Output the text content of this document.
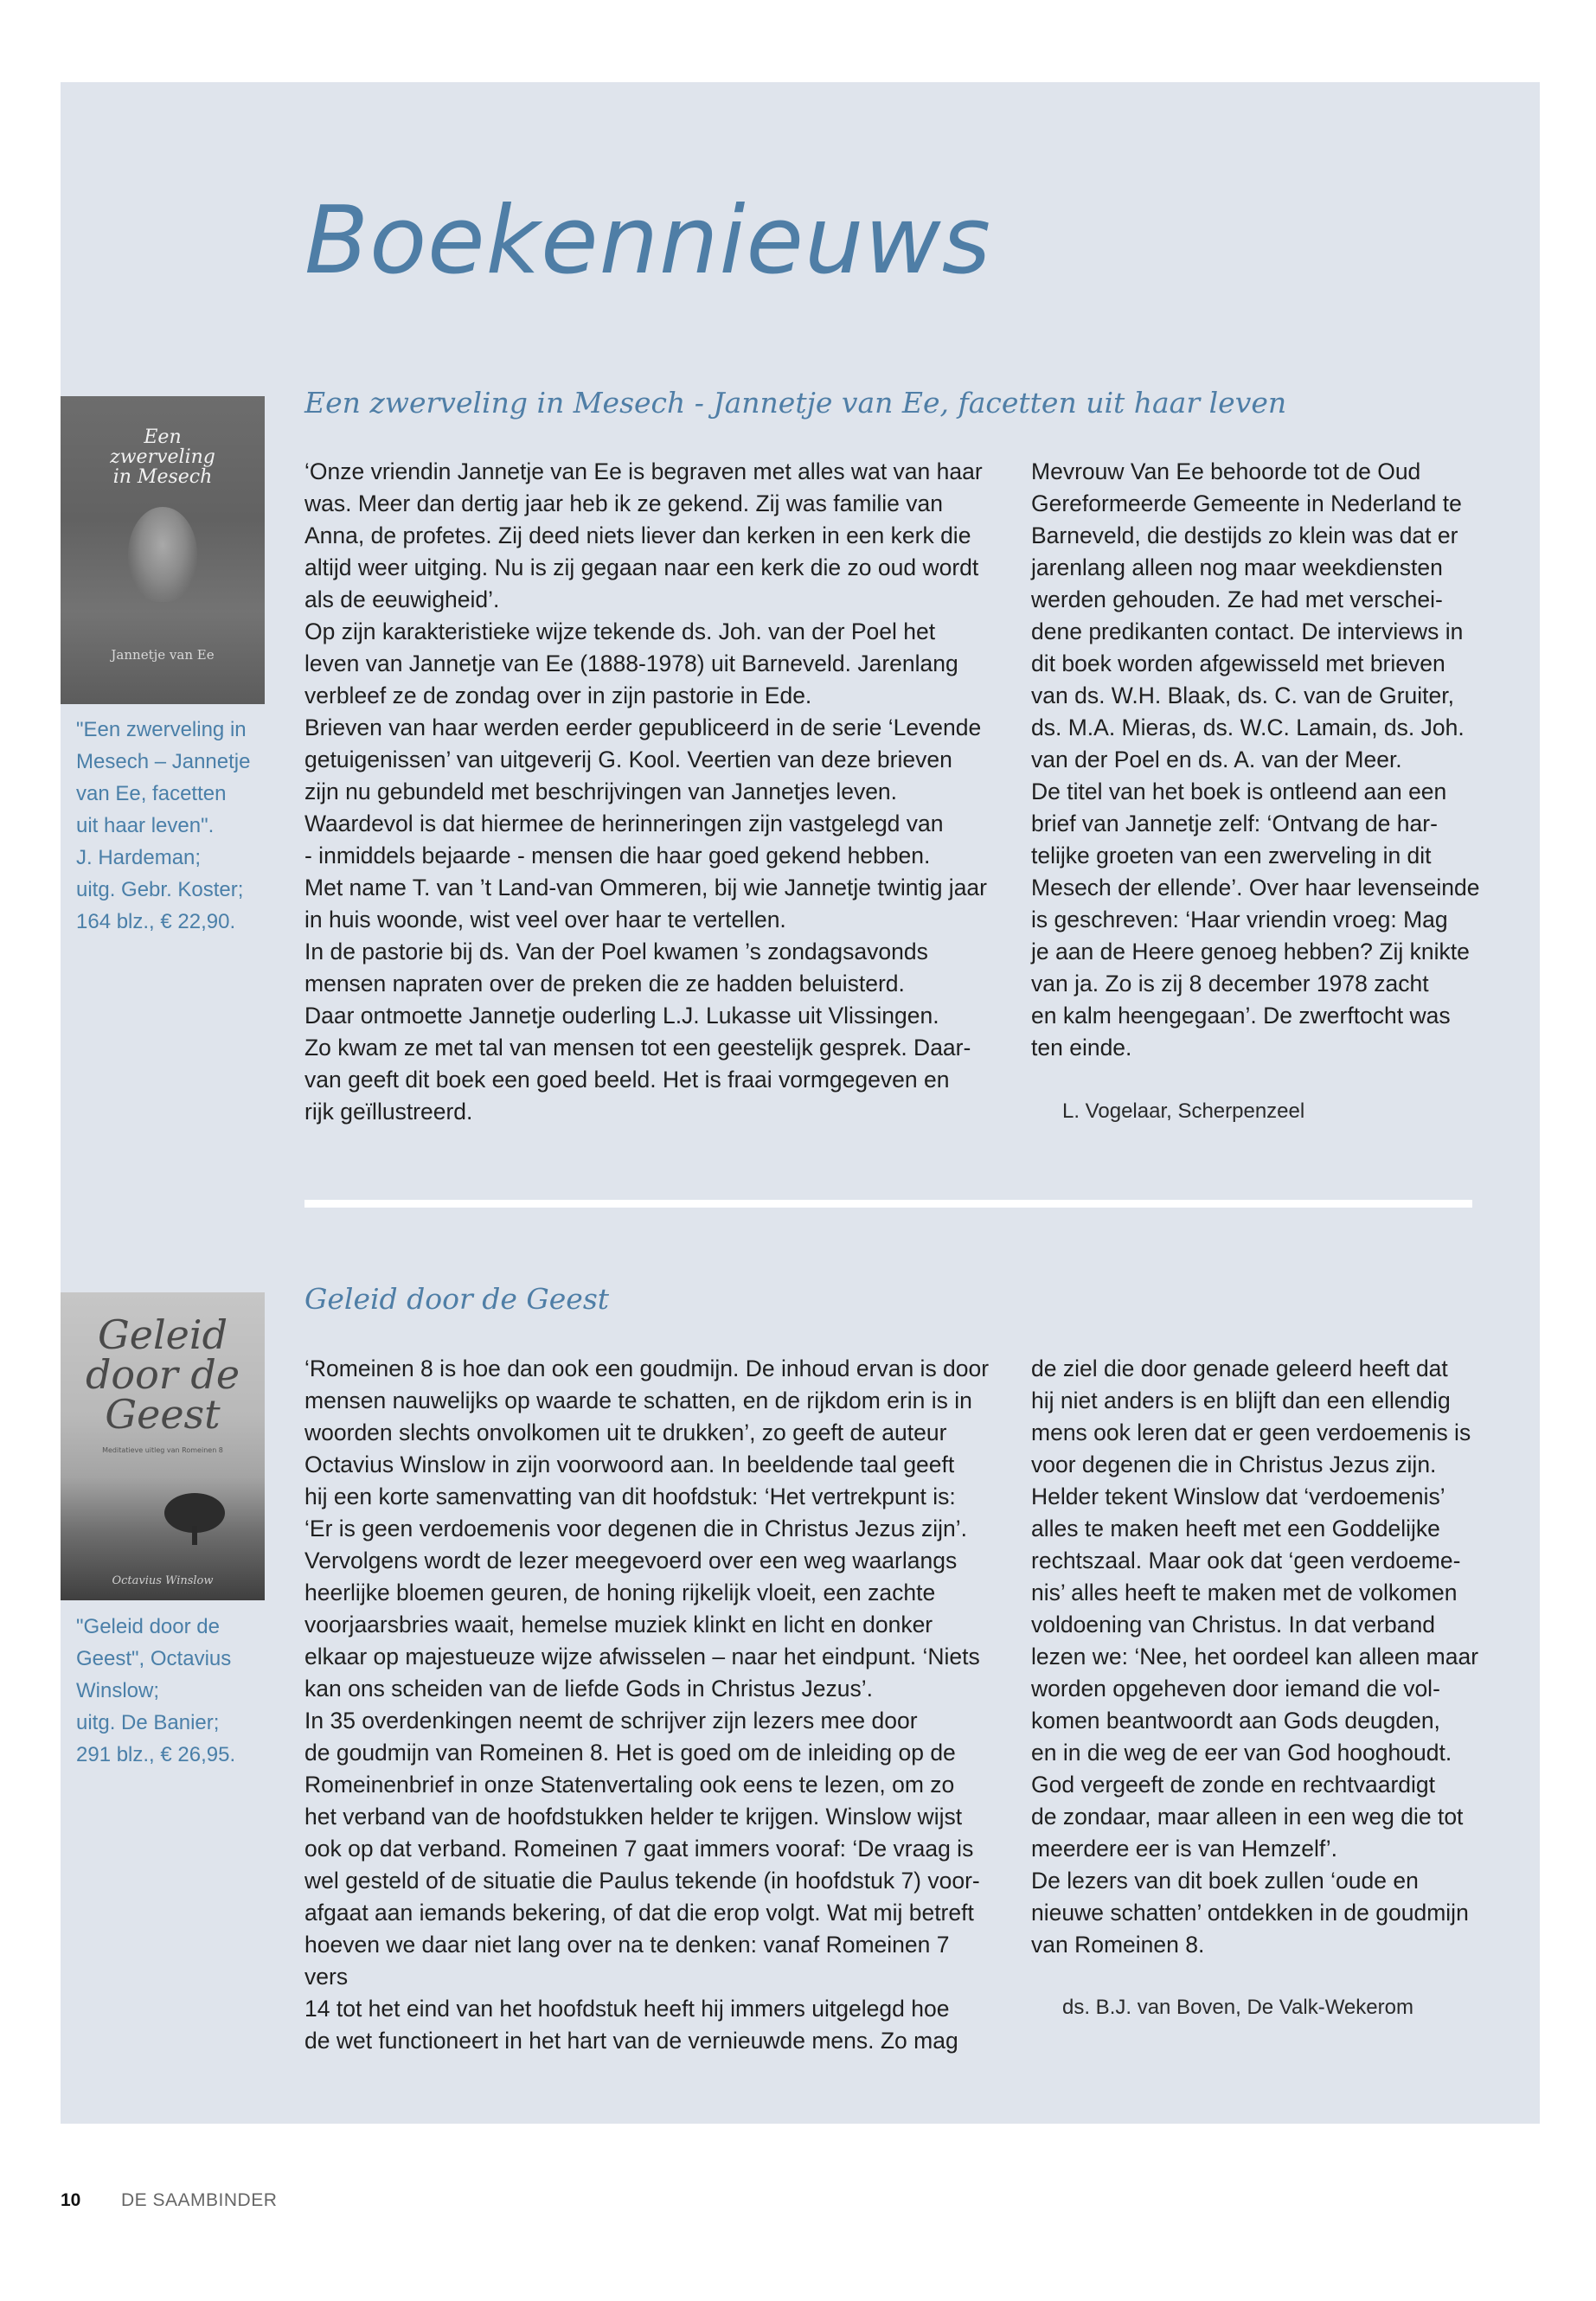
Boekennieuws
Een
zwerveling
in Mesech
Jannetje van Ee

"Een zwerveling in

Mesech – Jannetje

van Ee, facetten

uit haar leven".

J. Hardeman;

uitg. Gebr. Koster;

164 blz., € 22,90.

Een zwerveling in Mesech - Jannetje van Ee, facetten uit haar leven

‘Onze vriendin Jannetje van Ee is begraven met alles wat van haar

was. Meer dan dertig jaar heb ik ze gekend. Zij was familie van

Anna, de profetes. Zij deed niets liever dan kerken in een kerk die

altijd weer uitging. Nu is zij gegaan naar een kerk die zo oud wordt

als de eeuwigheid’.

Op zijn karakteristieke wijze tekende ds. Joh. van der Poel het

leven van Jannetje van Ee (1888-1978) uit Barneveld. Jarenlang

verbleef ze de zondag over in zijn pastorie in Ede.

Brieven van haar werden eerder gepubliceerd in de serie ‘Levende

getuigenissen’ van uitgeverij G. Kool. Veertien van deze brieven

zijn nu gebundeld met beschrijvingen van Jannetjes leven.

Waardevol is dat hiermee de herinneringen zijn vastgelegd van

- inmiddels bejaarde - mensen die haar goed gekend hebben.

Met name T. van ’t Land-van Ommeren, bij wie Jannetje twintig jaar

in huis woonde, wist veel over haar te vertellen.

In de pastorie bij ds. Van der Poel kwamen ’s zondagsavonds

mensen napraten over de preken die ze hadden beluisterd.

Daar ontmoette Jannetje ouderling L.J. Lukasse uit Vlissingen.

Zo kwam ze met tal van mensen tot een geestelijk gesprek. Daar-

van geeft dit boek een goed beeld. Het is fraai vormgegeven en

rijk geïllustreerd.

Mevrouw Van Ee behoorde tot de Oud

Gereformeerde Gemeente in Nederland te

Barneveld, die destijds zo klein was dat er

jarenlang alleen nog maar weekdiensten

werden gehouden. Ze had met verschei-

dene predikanten contact. De interviews in

dit boek worden afgewisseld met brieven

van ds. W.H. Blaak, ds. C. van de Gruiter,

ds. M.A. Mieras, ds. W.C. Lamain, ds. Joh.

van der Poel en ds. A. van der Meer.

De titel van het boek is ontleend aan een

brief van Jannetje zelf: ‘Ontvang de har-

telijke groeten van een zwerveling in dit

Mesech der ellende’. Over haar levenseinde

is geschreven: ‘Haar vriendin vroeg: Mag

je aan de Heere genoeg hebben? Zij knikte

van ja. Zo is zij 8 december 1978 zacht

en kalm heengegaan’. De zwerftocht was

ten einde.

L. Vogelaar, Scherpenzeel
Geleid
door de
Geest
Meditatieve uitleg van Romeinen 8
Octavius Winslow

"Geleid door de

Geest", Octavius

Winslow;

uitg. De Banier;

291 blz., € 26,95.

Geleid door de Geest

‘Romeinen 8 is hoe dan ook een goudmijn. De inhoud ervan is door

mensen nauwelijks op waarde te schatten, en de rijkdom erin is in

woorden slechts onvolkomen uit te drukken’, zo geeft de auteur

Octavius Winslow in zijn voorwoord aan. In beeldende taal geeft

hij een korte samenvatting van dit hoofdstuk: ‘Het vertrekpunt is:

‘Er is geen verdoemenis voor degenen die in Christus Jezus zijn’.

Vervolgens wordt de lezer meegevoerd over een weg waarlangs

heerlijke bloemen geuren, de honing rijkelijk vloeit, een zachte

voorjaarsbries waait, hemelse muziek klinkt en licht en donker

elkaar op majestueuze wijze afwisselen – naar het eindpunt. ‘Niets

kan ons scheiden van de liefde Gods in Christus Jezus’.

In 35 overdenkingen neemt de schrijver zijn lezers mee door

de goudmijn van Romeinen 8. Het is goed om de inleiding op de

Romeinenbrief in onze Statenvertaling ook eens te lezen, om zo

het verband van de hoofdstukken helder te krijgen. Winslow wijst

ook op dat verband. Romeinen 7 gaat immers vooraf: ‘De vraag is

wel gesteld of de situatie die Paulus tekende (in hoofdstuk 7) voor-

afgaat aan iemands bekering, of dat die erop volgt. Wat mij betreft

hoeven we daar niet lang over na te denken: vanaf Romeinen 7 vers

14 tot het eind van het hoofdstuk heeft hij immers uitgelegd hoe

de wet functioneert in het hart van de vernieuwde mens. Zo mag

de ziel die door genade geleerd heeft dat

hij niet anders is en blijft dan een ellendig

mens ook leren dat er geen verdoemenis is

voor degenen die in Christus Jezus zijn.

Helder tekent Winslow dat ‘verdoemenis’

alles te maken heeft met een Goddelijke

rechtszaal. Maar ook dat ‘geen verdoeme-

nis’ alles heeft te maken met de volkomen

voldoening van Christus. In dat verband

lezen we: ‘Nee, het oordeel kan alleen maar

worden opgeheven door iemand die vol-

komen beantwoordt aan Gods deugden,

en in die weg de eer van God hooghoudt.

God vergeeft de zonde en rechtvaardigt

de zondaar, maar alleen in een weg die tot

meerdere eer is van Hemzelf’.

De lezers van dit boek zullen ‘oude en

nieuwe schatten’ ontdekken in de goudmijn

van Romeinen 8.

ds. B.J. van Boven, De Valk-Wekerom
10 DE SAAMBINDER
